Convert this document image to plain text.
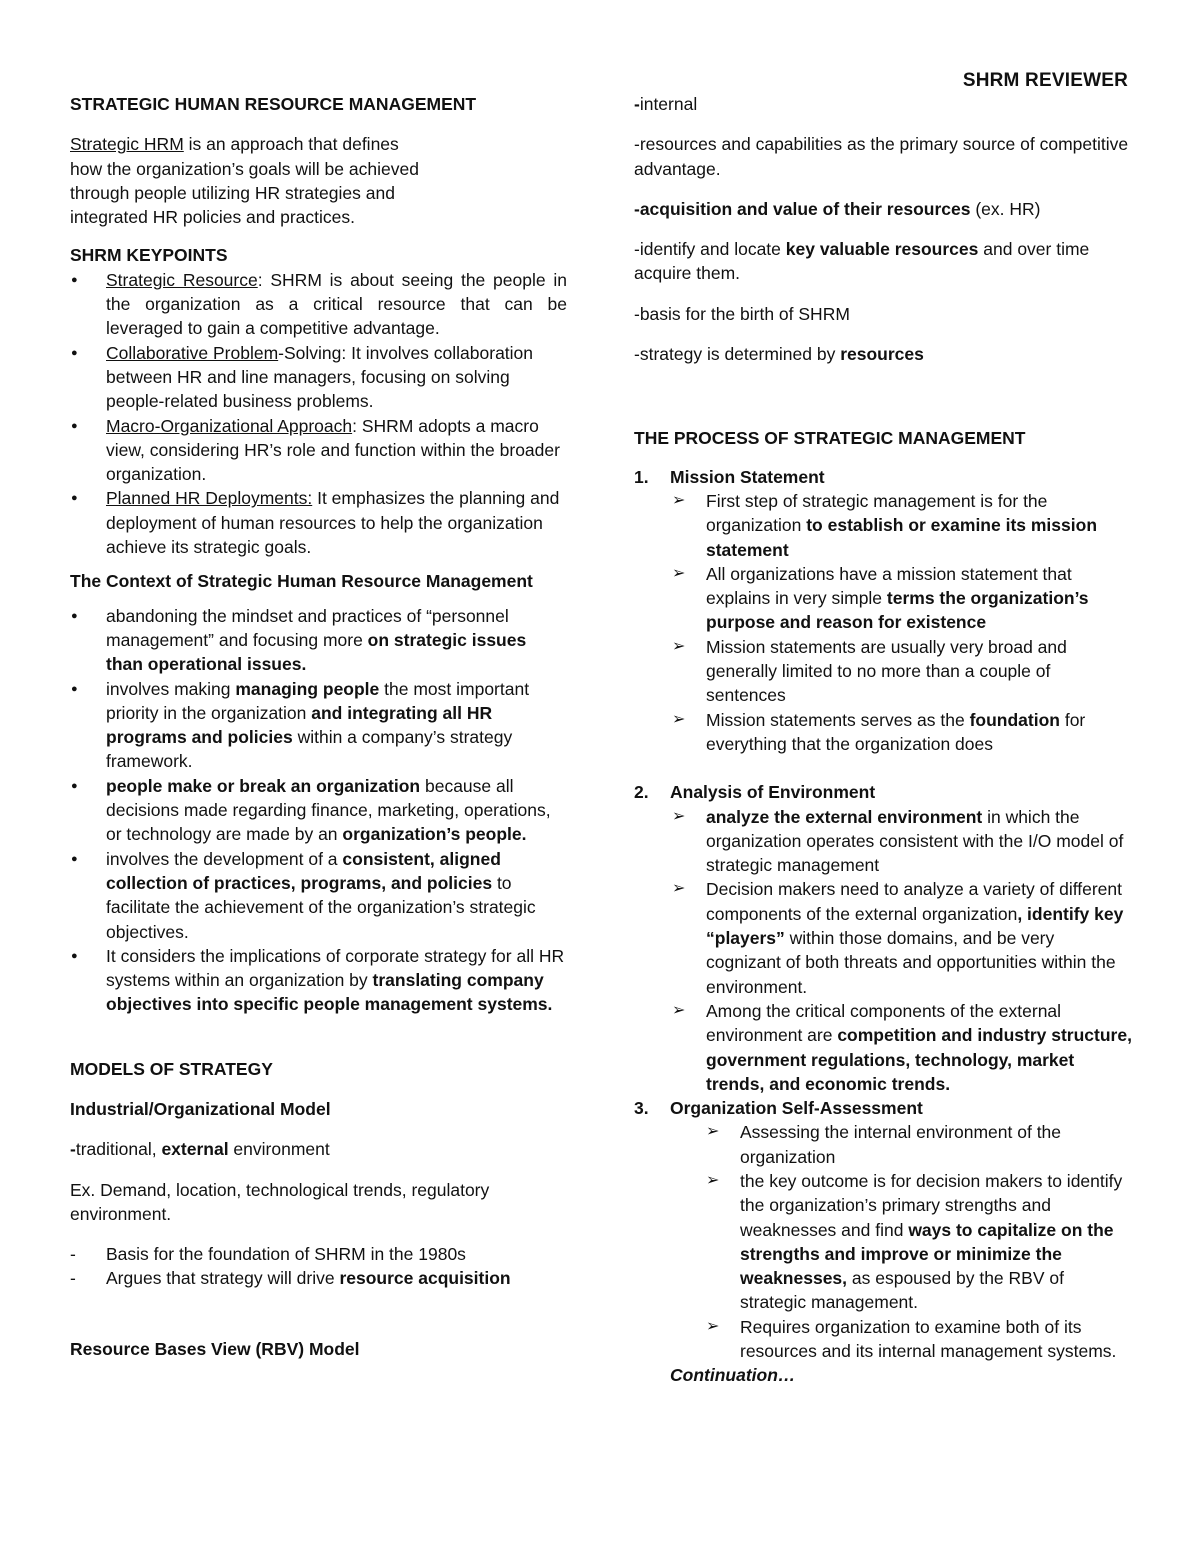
SHRM REVIEWER

STRATEGIC HUMAN RESOURCE MANAGEMENT

Strategic HRM is an approach that defines
how the organization’s goals will be achieved
through people utilizing HR strategies and
integrated HR policies and practices.

SHRM KEYPOINTS

● Strategic Resource: SHRM is about seeing the people in the organization as a critical resource that can be leveraged to gain a competitive advantage.
● Collaborative Problem-Solving: It involves collaboration between HR and line managers, focusing on solving people-related business problems.
● Macro-Organizational Approach: SHRM adopts a macro view, considering HR’s role and function within the broader organization.
● Planned HR Deployments: It emphasizes the planning and deployment of human resources to help the organization achieve its strategic goals.

The Context of Strategic Human Resource Management

● abandoning the mindset and practices of “personnel management” and focusing more on strategic issues than operational issues.
● involves making managing people the most important priority in the organization and integrating all HR programs and policies within a company’s strategy framework.
● people make or break an organization because all decisions made regarding finance, marketing, operations, or technology are made by an organization’s people.
● involves the development of a consistent, aligned collection of practices, programs, and policies to facilitate the achievement of the organization’s strategic objectives.
● It considers the implications of corporate strategy for all HR systems within an organization by translating company objectives into specific people management systems.

MODELS OF STRATEGY

Industrial/Organizational Model

-traditional, external environment

Ex. Demand, location, technological trends, regulatory environment.

- Basis for the foundation of SHRM in the 1980s
- Argues that strategy will drive resource acquisition

Resource Bases View (RBV) Model

-internal

-resources and capabilities as the primary source of competitive advantage.

-acquisition and value of their resources (ex. HR)

-identify and locate key valuable resources and over time acquire them.

-basis for the birth of SHRM

-strategy is determined by resources

THE PROCESS OF STRATEGIC MANAGEMENT

1. Mission Statement
➢ First step of strategic management is for the organization to establish or examine its mission statement
➢ All organizations have a mission statement that explains in very simple terms the organization’s purpose and reason for existence
➢ Mission statements are usually very broad and generally limited to no more than a couple of sentences
➢ Mission statements serves as the foundation for everything that the organization does
2. Analysis of Environment
➢ analyze the external environment in which the organization operates consistent with the I/O model of strategic management
➢ Decision makers need to analyze a variety of different components of the external organization, identify key “players” within those domains, and be very cognizant of both threats and opportunities within the environment.
➢ Among the critical components of the external environment are competition and industry structure, government regulations, technology, market trends, and economic trends.
3. Organization Self-Assessment
➢ Assessing the internal environment of the organization
➢ the key outcome is for decision makers to identify the organization’s primary strengths and weaknesses and find ways to capitalize on the strengths and improve or minimize the weaknesses, as espoused by the RBV of strategic management.
➢ Requires organization to examine both of its resources and its internal management systems.

Continuation…
